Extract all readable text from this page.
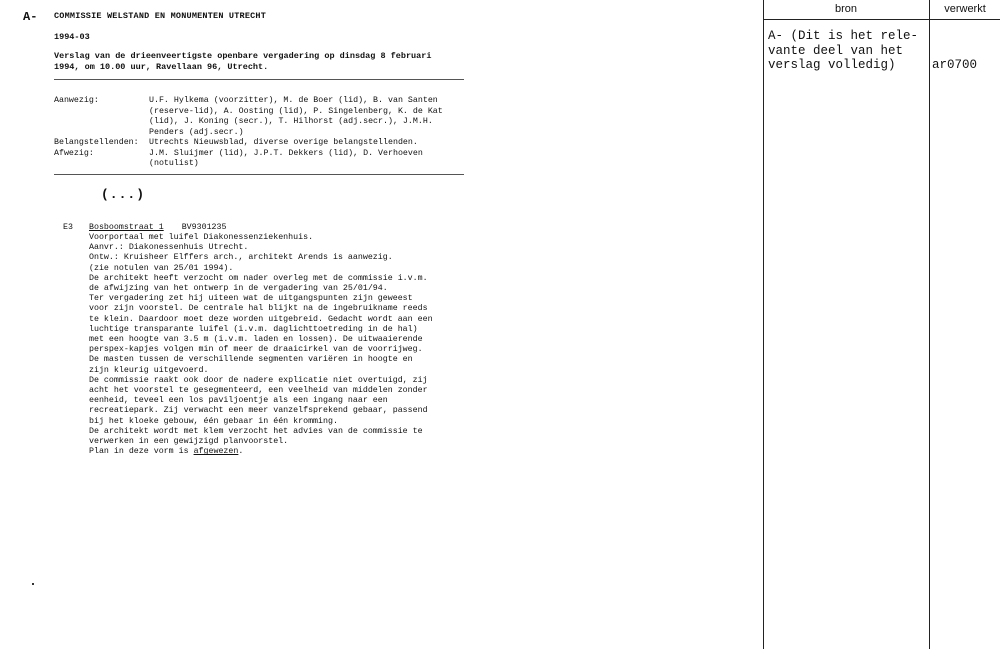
A- COMMISSIE WELSTAND EN MONUMENTEN UTRECHT
1994-03
Verslag van de drieenveertigste openbare vergadering op dinsdag 8 februari
1994, om 10.00 uur, Ravellaan 96, Utrecht.
Aanwezig:	U.F. Hylkema (voorzitter), M. de Boer (lid), B. van Santen
(reserve-lid), A. Oosting (lid), P. Singelenberg, K. de Kat
(lid), J. Koning (secr.), T. Hilhorst (adj.secr.), J.M.H.
Penders (adj.secr.)
Belangstellenden:	Utrechts Nieuwsblad, diverse overige belangstellenden.
Afwezig:	J.M. Sluijmer (lid), J.P.T. Dekkers (lid), D. Verhoeven
(notulist)
(...)
E3 Bosboomstraat 1 BV9301235
Voorportaal met luifel Diakonessenziekenhuis.
Aanvr.: Diakonessenhuis Utrecht.
Ontw.: Kruisheer Elffers arch., architekt Arends is aanwezig.
(zie notulen van 25/01 1994).
De architekt heeft verzocht om nader overleg met de commissie i.v.m.
de afwijzing van het ontwerp in de vergadering van 25/01/94.
Ter vergadering zet hij uiteen wat de uitgangspunten zijn geweest
voor zijn voorstel. De centrale hal blijkt na de ingebruikname reeds
te klein. Daardoor moet deze worden uitgebreid. Gedacht wordt aan een
luchtige transparante luifel (i.v.m. daglichttoetreding in de hal)
met een hoogte van 3.5 m (i.v.m. laden en lossen). De uitwaaierende
perspex-kapjes volgen min of meer de draaicirkel van de voorrijweg.
De masten tussen de verschillende segmenten variëren in hoogte en
zijn kleurig uitgevoerd.
De commissie raakt ook door de nadere explicatie niet overtuigd, zij
acht het voorstel te gesegmenteerd, een veelheid van middelen zonder
eenheid, teveel een los paviljoentje als een ingang naar een
recreatiepark. Zij verwacht een meer vanzelfsprekend gebaar, passend
bij het kloeke gebouw, één gebaar in één kromming.
De architekt wordt met klem verzocht het advies van de commissie te
verwerken in een gewijzigd planvoorstel.
Plan in deze vorm is afgewezen.
bron	verwerkt
A- (Dit is het rele-
vante deel van het
verslag volledig)	ar0700
